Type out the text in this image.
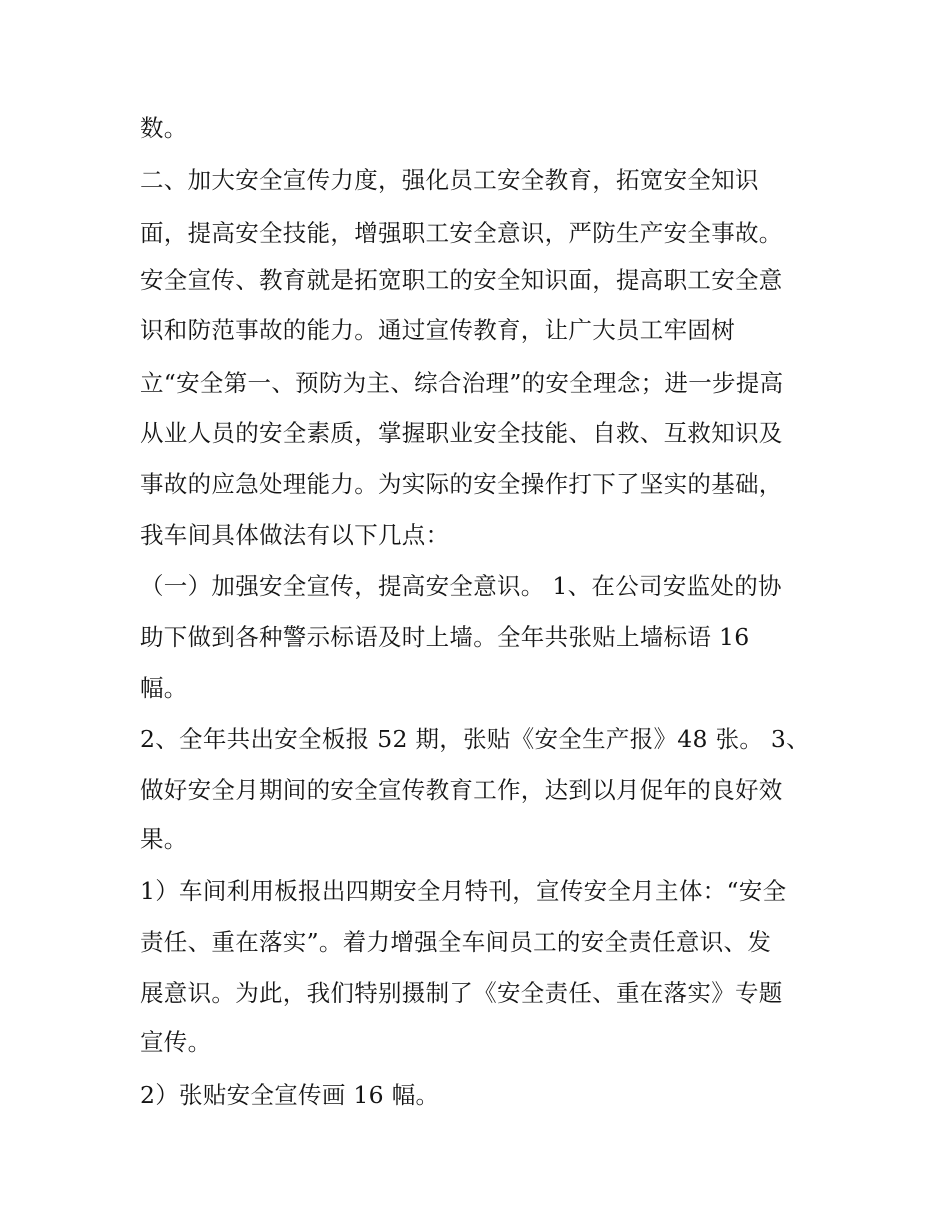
数。
二、加大安全宣传力度，强化员工安全教育，拓宽安全知识
面，提高安全技能，增强职工安全意识，严防生产安全事故。
安全宣传、教育就是拓宽职工的安全知识面，提高职工安全意
识和防范事故的能力。通过宣传教育，让广大员工牢固树
立“安全第一、预防为主、综合治理”的安全理念；进一步提高
从业人员的安全素质，掌握职业安全技能、自救、互救知识及
事故的应急处理能力。为实际的安全操作打下了坚实的基础，
我车间具体做法有以下几点：
（一）加强安全宣传，提高安全意识。 1、在公司安监处的协
助下做到各种警示标语及时上墙。全年共张贴上墙标语 16
幅。
2、全年共出安全板报 52 期，张贴《安全生产报》48 张。 3、
做好安全月期间的安全宣传教育工作，达到以月促年的良好效
果。
1）车间利用板报出四期安全月特刊，宣传安全月主体：“安全
责任、重在落实”。着力增强全车间员工的安全责任意识、发
展意识。为此，我们特别摄制了《安全责任、重在落实》专题
宣传。
2）张贴安全宣传画 16 幅。
